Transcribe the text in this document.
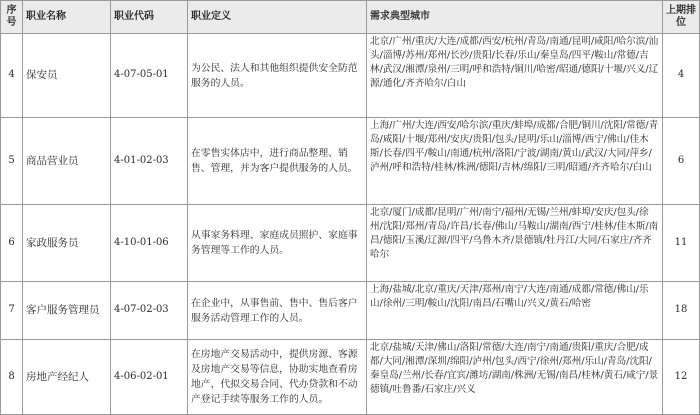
序号	职业名称	职业代码	职业定义	需求典型城市	上期排
位
4	保安员	4-07-05-01	为公民、法人和其他组织提供安全防范服务的人员。	北京/广州/重庆/大连/成都/西安/杭州/青岛/南通/昆明/咸阳/哈尔滨/汕头/淄博/苏州/郑州/长沙/贵阳/长春/乐山/秦皇岛/四平/鞍山/常德/吉林/武汉/湘潭/泉州/三明/呼和浩特/铜川/哈密/昭通/德阳/十堰/兴义/辽源/通化/齐齐哈尔/白山	4
5	商品营业员	4-01-02-03	在零售实体店中，进行商品整理、销售、管理，并为客户提供服务的人员。	上海/广州/大连/西安/哈尔滨/重庆/蚌埠/成都/合肥/铜川/沈阳/常德/青岛/咸阳/十堰/郑州/安庆/贵阳/包头/昆明/乐山/淄博/西宁/佛山/佳木斯/长春/四平/鞍山/南通/杭州/洛阳/宁波/湖南/黄山/武汉/大同/萍乡/泸州/呼和浩特/桂林/株洲/德阳/吉林/绵阳/三明/昭通/齐齐哈尔/白山	6
6	家政服务员	4-10-01-06	从事家务料理、家庭成员照护、家庭事务管理等工作的人员。	北京/厦门/成都/昆明/广州/南宁/福州/无锡/兰州/蚌埠/安庆/包头/徐州/沈阳/郑州/青岛/许昌/长春/佛山/马鞍山/湖南/西宁/桂林/佳木斯/南昌/德阳/玉溪/辽源/四平/乌鲁木齐/景德镇/牡丹江/大同/石家庄/齐齐哈尔	11
7	客户服务管理员	4-07-02-03	在企业中，从事售前、售中、售后客户服务活动管理工作的人员。	上海/盐城/北京/重庆/天津/郑州/南宁/大连/南通/成都/常德/佛山/乐山/徐州/三明/鞍山/沈阳/南昌/石嘴山/兴义/黄石/哈密	18
8	房地产经纪人	4-06-02-01	在房地产交易活动中，提供房源、客源及房地产交易等信息，协助实地查看房地产，代拟交易合同、代办贷款和不动产登记手续等服务工作的人员。	北京/盐城/天津/佛山/洛阳/常德/大连/南宁/南通/贵阳/重庆/合肥/成都/大同/湘潭/深圳/绵阳/泸州/包头/西宁/徐州/郑州/乐山/青岛/沈阳/秦皇岛/兰州/长春/宜宾/潍坊/湖南/株洲/无锡/南昌/桂林/黄石/咸宁/景德镇/吐鲁番/石家庄/兴义	12
